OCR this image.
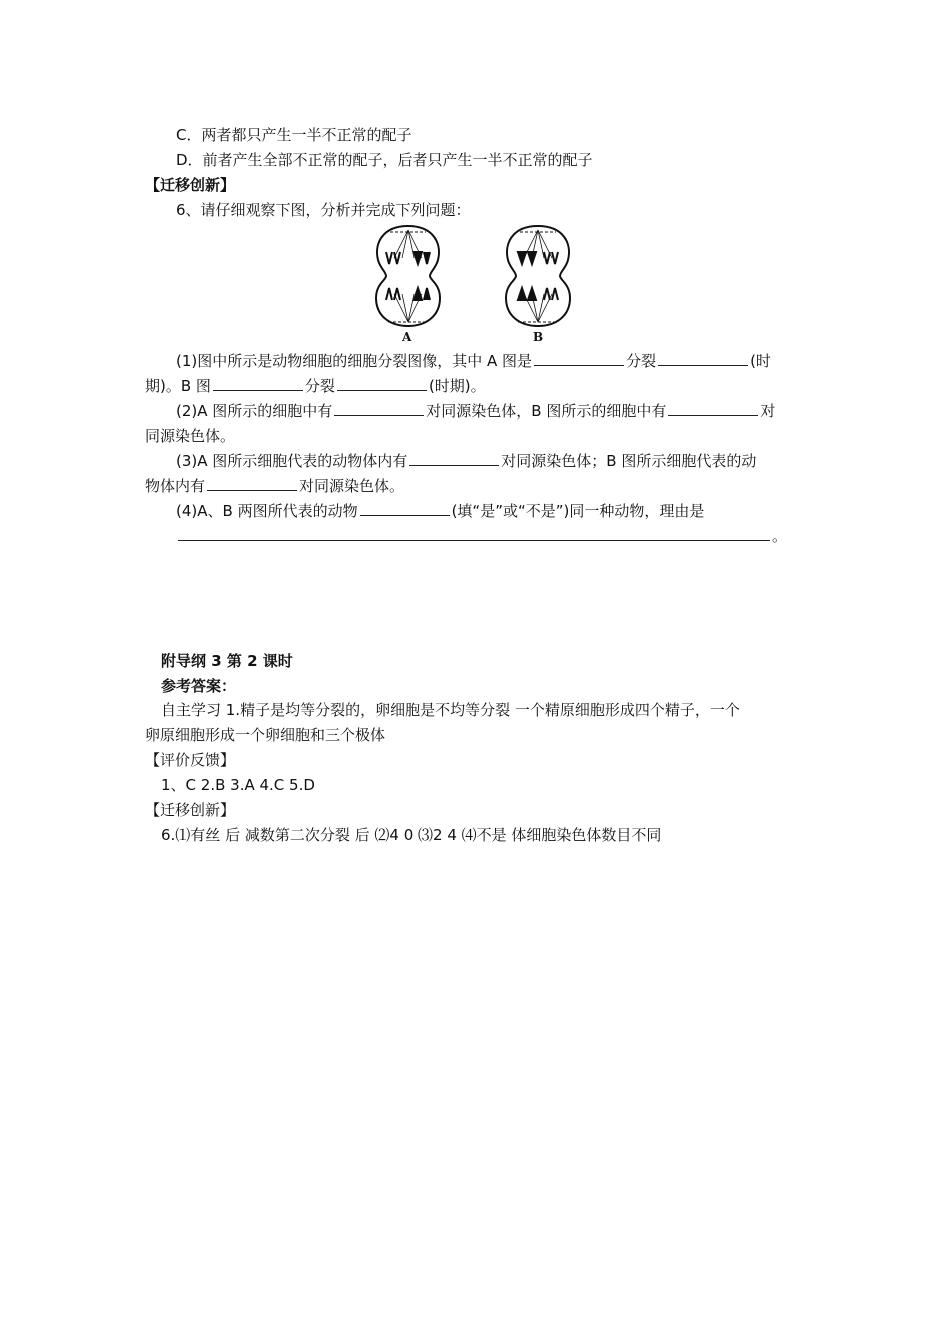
C．两者都只产生一半不正常的配子
D．前者产生全部不正常的配子，后者只产生一半不正常的配子
【迁移创新】
6、请仔细观察下图，分析并完成下列问题：
A	B
(1)图中所示是动物细胞的细胞分裂图像，其中 A 图是	分裂	(时
期)。B 图	分裂	(时期)。
(2)A 图所示的细胞中有	对同源染色体，B 图所示的细胞中有	对
同源染色体。
(3)A 图所示细胞代表的动物体内有	对同源染色体；B 图所示细胞代表的动
物体内有	对同源染色体。
(4)A、B 两图所代表的动物	(填“是”或“不是”)同一种动物，理由是
。
附导纲 3 第 2 课时
参考答案：
自主学习 1.精子是均等分裂的，卵细胞是不均等分裂 一个精原细胞形成四个精子，一个
卵原细胞形成一个卵细胞和三个极体
【评价反馈】
1、C 2.B 3.A 4.C 5.D
【迁移创新】
6.⑴有丝 后 减数第二次分裂 后 ⑵4 0 ⑶2 4 ⑷不是 体细胞染色体数目不同
